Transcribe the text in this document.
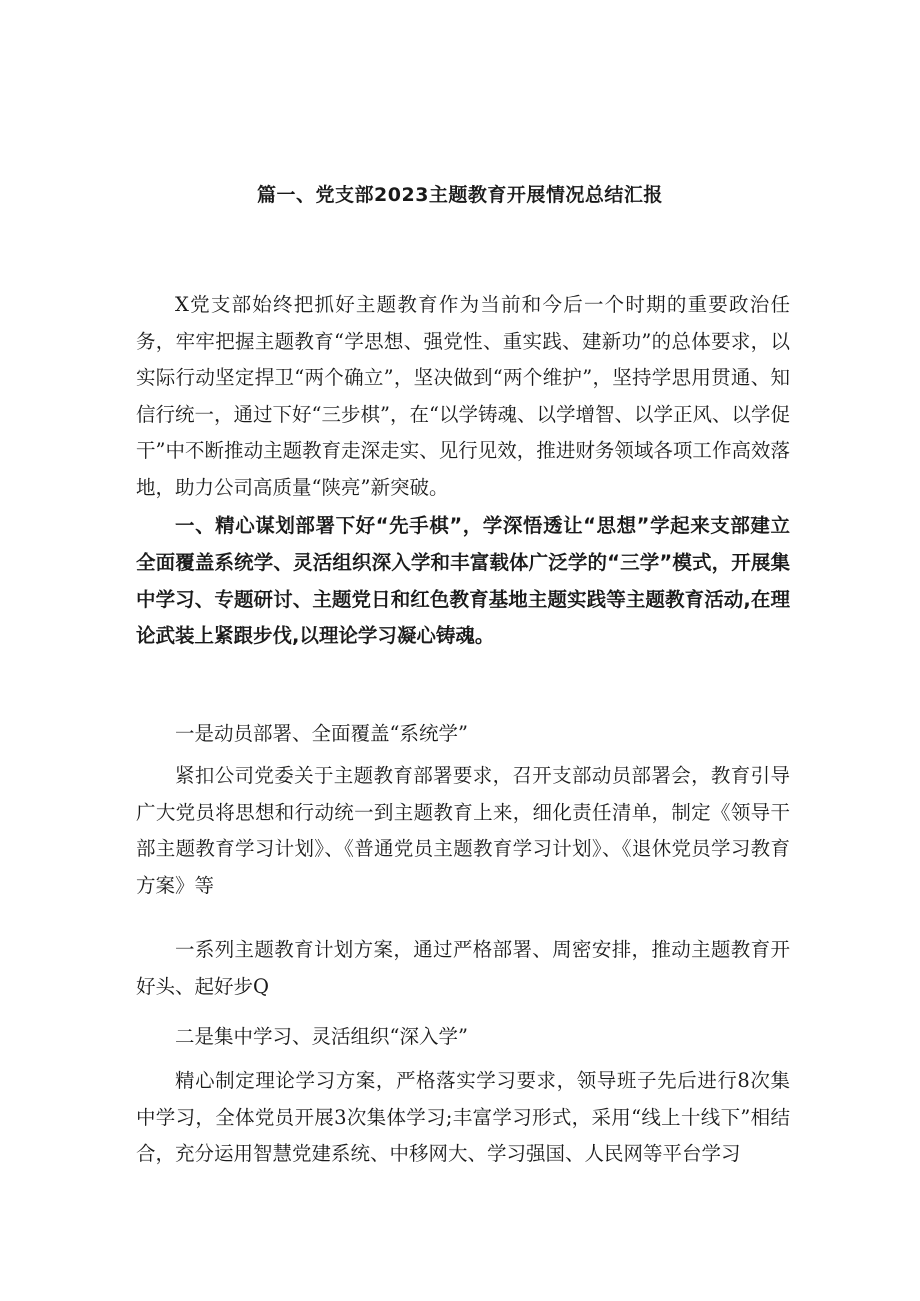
篇一、党支部2023主题教育开展情况总结汇报

X党支部始终把抓好主题教育作为当前和今后一个时期的重要政治任务，牢牢把握主题教育“学思想、强党性、重实践、建新功”的总体要求，以实际行动坚定捍卫“两个确立”，坚决做到“两个维护”，坚持学思用贯通、知信行统一，通过下好“三步棋”，在“以学铸魂、以学增智、以学正风、以学促干”中不断推动主题教育走深走实、见行见效，推进财务领域各项工作高效落地，助力公司高质量“陕亮”新突破。

一、精心谋划部署下好“先手棋”，学深悟透让“思想”学起来支部建立全面覆盖系统学、灵活组织深入学和丰富载体广泛学的“三学”模式，开展集中学习、专题研讨、主题党日和红色教育基地主题实践等主题教育活动,在理论武装上紧跟步伐,以理论学习凝心铸魂。

一是动员部署、全面覆盖“系统学”

紧扣公司党委关于主题教育部署要求，召开支部动员部署会，教育引导广大党员将思想和行动统一到主题教育上来，细化责任清单，制定《领导干部主题教育学习计划》、《普通党员主题教育学习计划》、《退休党员学习教育方案》等

一系列主题教育计划方案，通过严格部署、周密安排，推动主题教育开好头、起好步Q

二是集中学习、灵活组织“深入学”

精心制定理论学习方案，严格落实学习要求，领导班子先后进行8次集中学习，全体党员开展3次集体学习;丰富学习形式，采用“线上十线下”相结合，充分运用智慧党建系统、中移网大、学习强国、人民网等平台学习
